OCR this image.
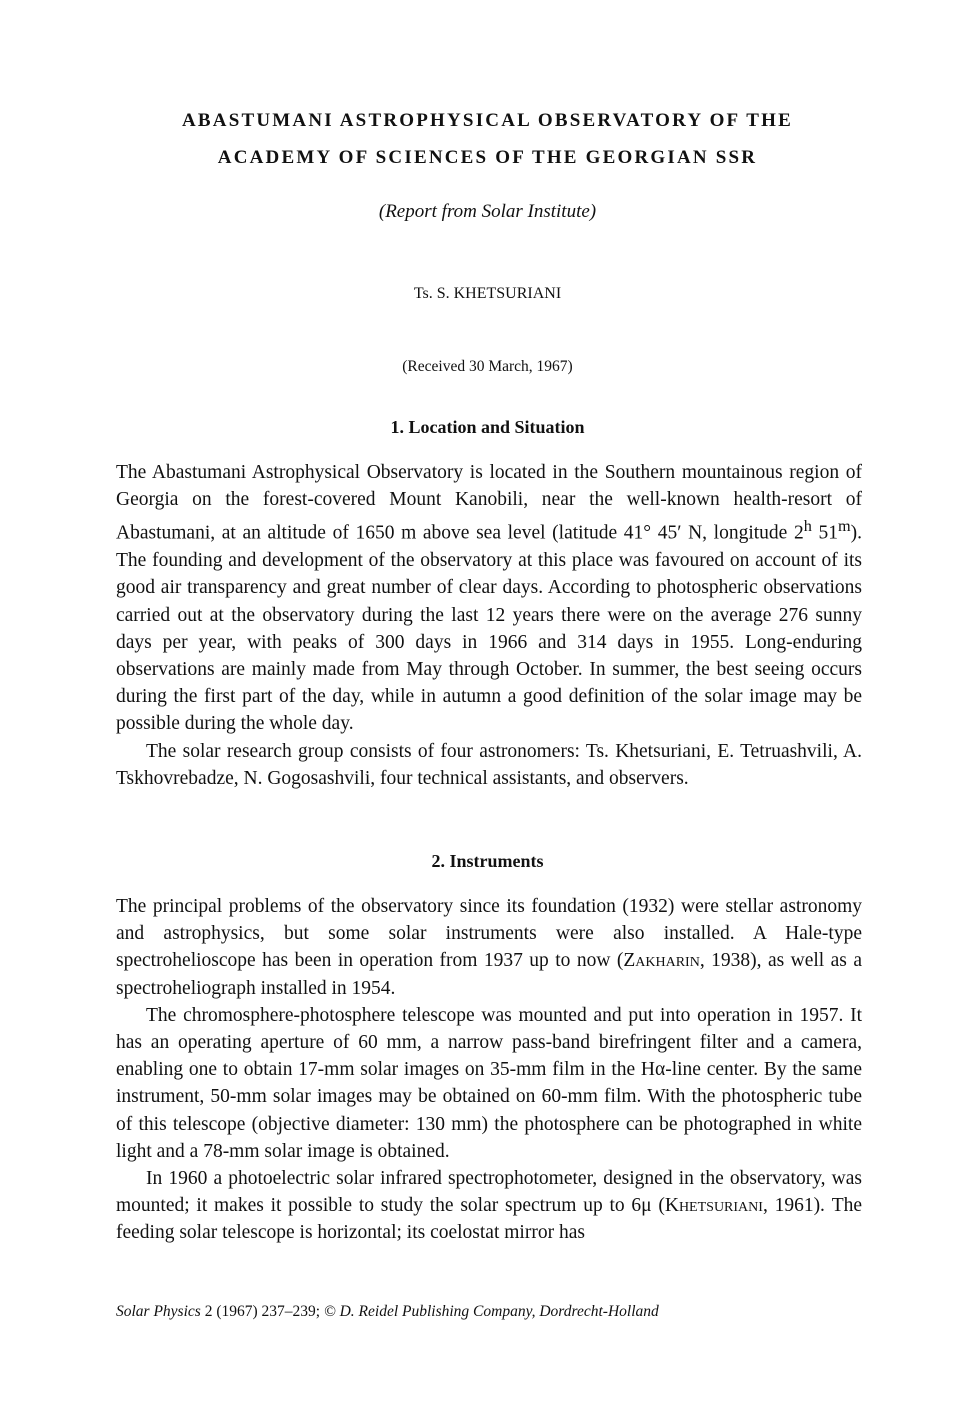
ABASTUMANI ASTROPHYSICAL OBSERVATORY OF THE
ACADEMY OF SCIENCES OF THE GEORGIAN SSR
(Report from Solar Institute)
Ts. S. KHETSURIANI
(Received 30 March, 1967)
1. Location and Situation

The Abastumani Astrophysical Observatory is located in the Southern mountainous region of Georgia on the forest-covered Mount Kanobili, near the well-known health-resort of Abastumani, at an altitude of 1650 m above sea level (latitude 41° 45′ N, longitude 2$^h$ 51$^m$). The founding and development of the observatory at this place was favoured on account of its good air transparency and great number of clear days. According to photospheric observations carried out at the observatory during the last 12 years there were on the average 276 sunny days per year, with peaks of 300 days in 1966 and 314 days in 1955. Long-enduring observations are mainly made from May through October. In summer, the best seeing occurs during the first part of the day, while in autumn a good definition of the solar image may be possible during the whole day.

The solar research group consists of four astronomers: Ts. Khetsuriani, E. Tetruashvili, A. Tskhovrebadze, N. Gogosashvili, four technical assistants, and observers.

2. Instruments

The principal problems of the observatory since its foundation (1932) were stellar astronomy and astrophysics, but some solar instruments were also installed. A Hale-type spectrohelioscope has been in operation from 1937 up to now (Zakharin, 1938), as well as a spectroheliograph installed in 1954.

The chromosphere-photosphere telescope was mounted and put into operation in 1957. It has an operating aperture of 60 mm, a narrow pass-band birefringent filter and a camera, enabling one to obtain 17-mm solar images on 35-mm film in the Hα-line center. By the same instrument, 50-mm solar images may be obtained on 60-mm film. With the photospheric tube of this telescope (objective diameter: 130 mm) the photosphere can be photographed in white light and a 78-mm solar image is obtained.

In 1960 a photoelectric solar infrared spectrophotometer, designed in the observatory, was mounted; it makes it possible to study the solar spectrum up to 6μ (Khetsuriani, 1961). The feeding solar telescope is horizontal; its coelostat mirror has

Solar Physics 2 (1967) 237–239; © D. Reidel Publishing Company, Dordrecht-Holland
